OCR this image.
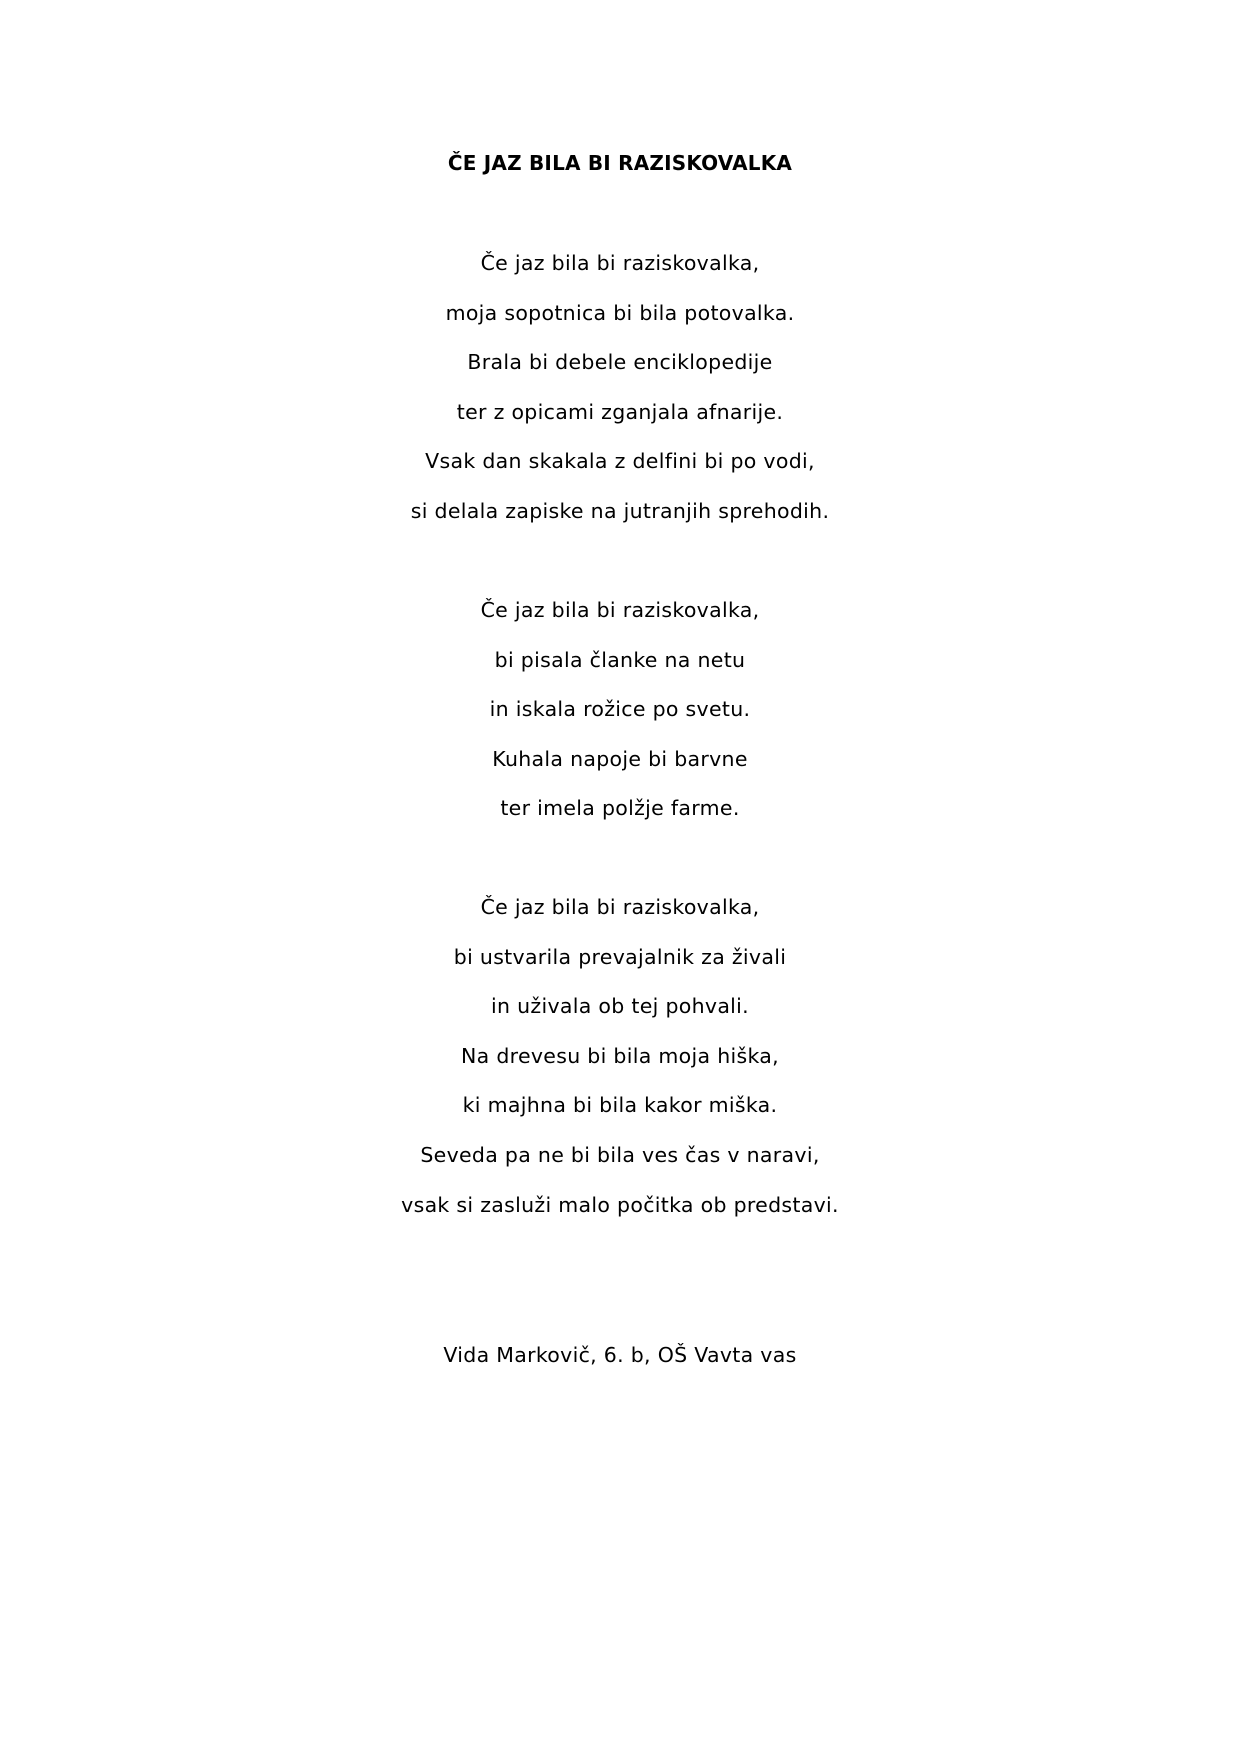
ČE JAZ BILA BI RAZISKOVALKA
Če jaz bila bi raziskovalka,
moja sopotnica bi bila potovalka.
Brala bi debele enciklopedije
ter z opicami zganjala afnarije.
Vsak dan skakala z delfini bi po vodi,
si delala zapiske na jutranjih sprehodih.
Če jaz bila bi raziskovalka,
bi pisala članke na netu
in iskala rožice po svetu.
Kuhala napoje bi barvne
ter imela polžje farme.
Če jaz bila bi raziskovalka,
bi ustvarila prevajalnik za živali
in uživala ob tej pohvali.
Na drevesu bi bila moja hiška,
ki majhna bi bila kakor miška.
Seveda pa ne bi bila ves čas v naravi,
vsak si zasluži malo počitka ob predstavi.
Vida Markovič, 6. b, OŠ Vavta vas
